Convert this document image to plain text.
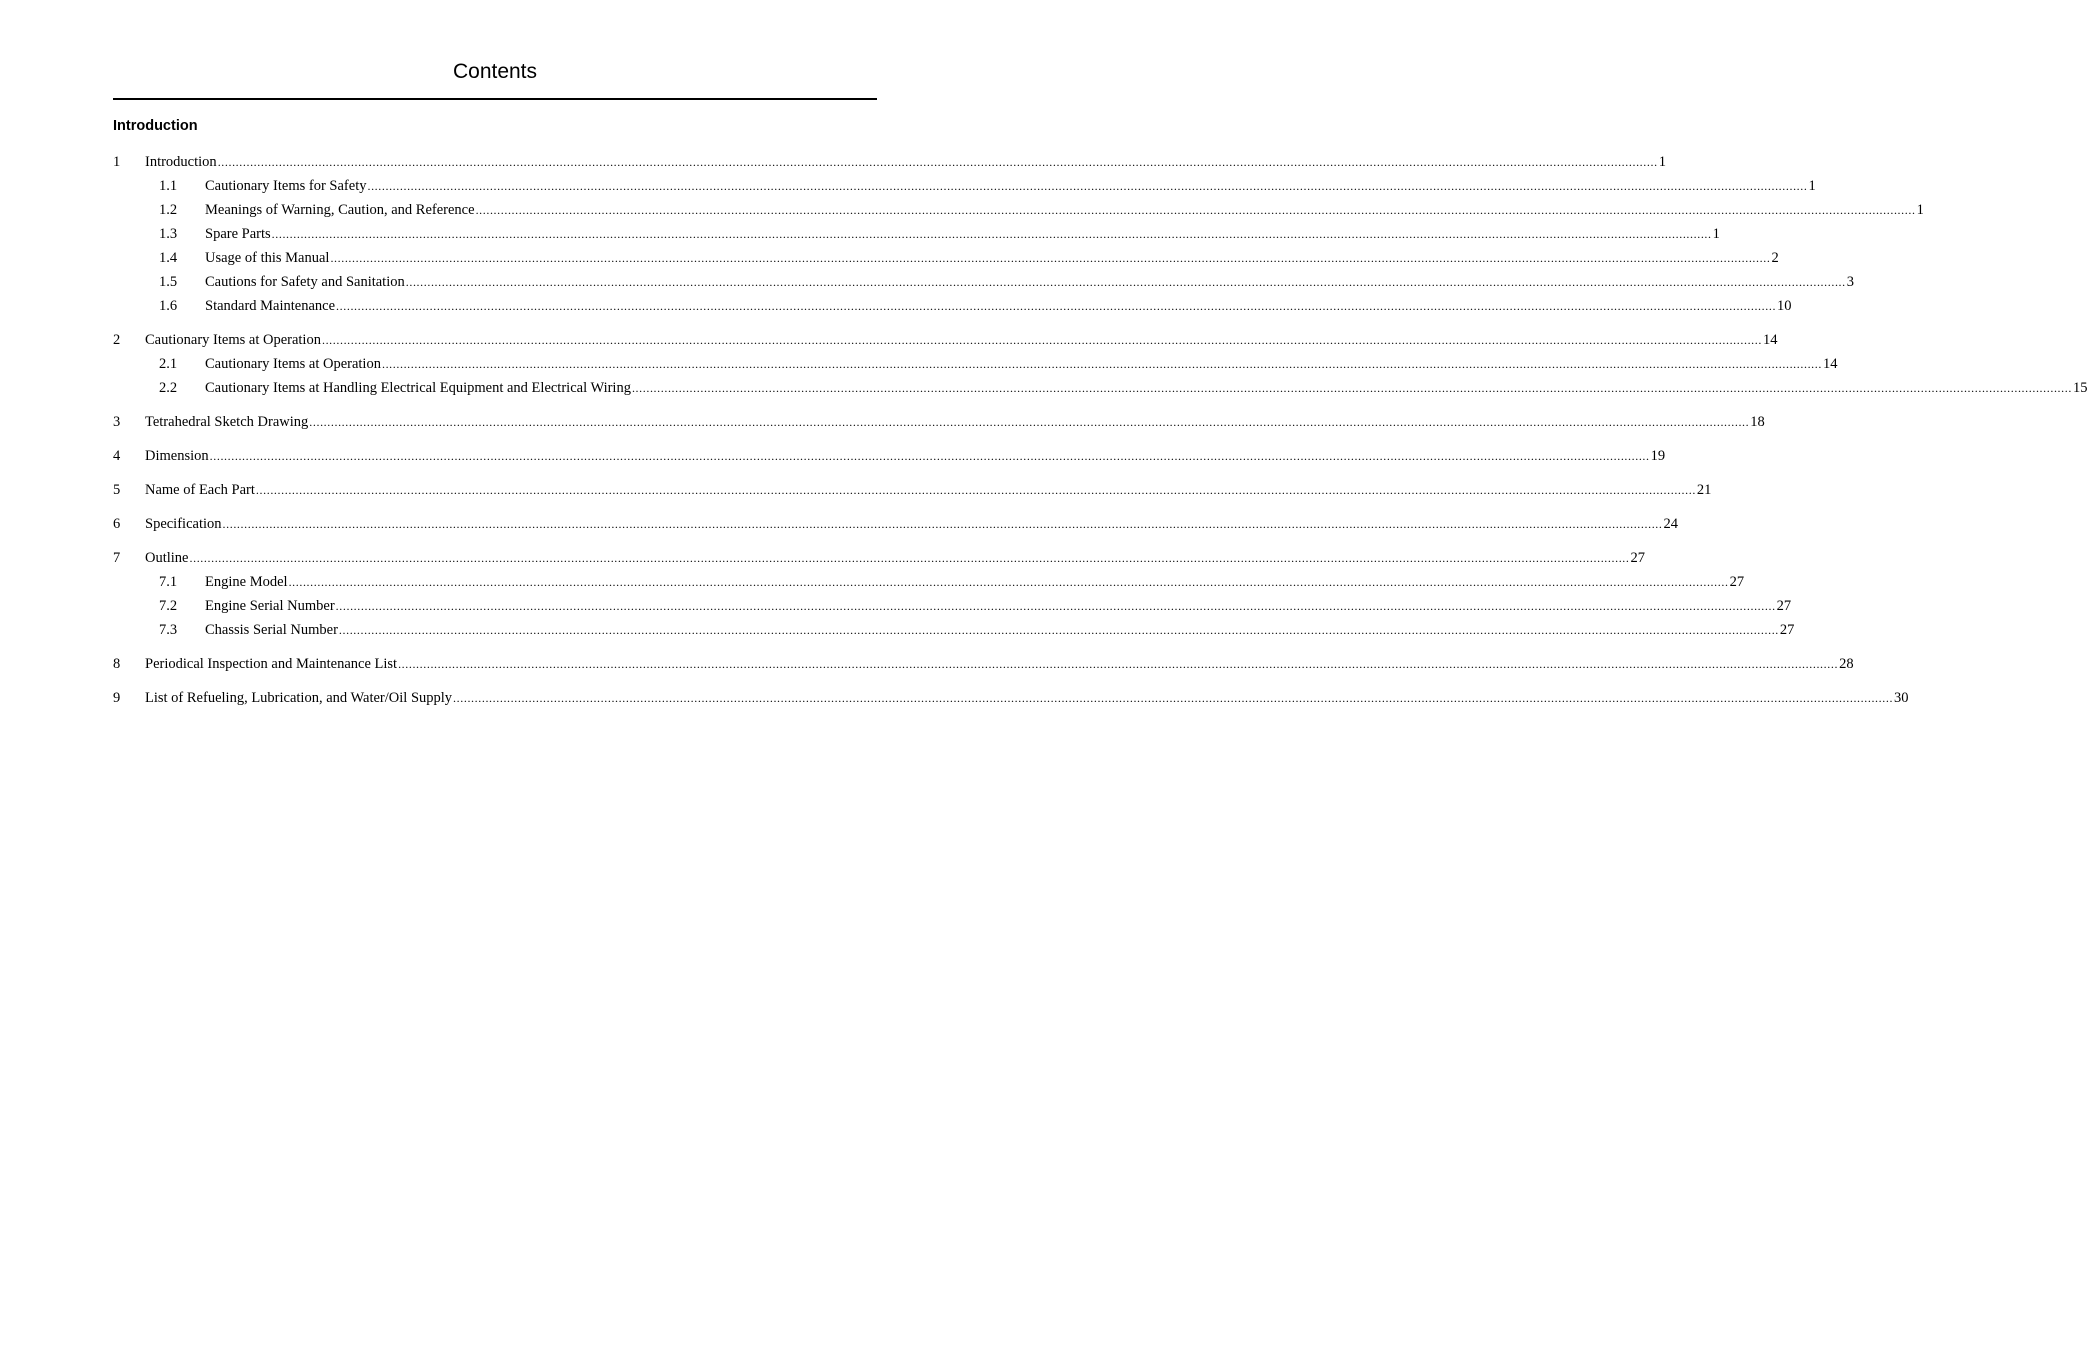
Contents
Introduction
1	Introduction ................................................................................................................................................................................................................................................................................................................................................................................................................ 1
1.1	Cautionary Items for Safety ................................................................................................................................................................................................................................................................................................................................................................................................................ 1
1.2	Meanings of Warning, Caution, and Reference ................................................................................................................................................................................................................................................................................................................................................................................................................ 1
1.3	Spare Parts ................................................................................................................................................................................................................................................................................................................................................................................................................ 1
1.4	Usage of this Manual ................................................................................................................................................................................................................................................................................................................................................................................................................ 2
1.5	Cautions for Safety and Sanitation ................................................................................................................................................................................................................................................................................................................................................................................................................ 3
1.6	Standard Maintenance ................................................................................................................................................................................................................................................................................................................................................................................................................ 10
2	Cautionary Items at Operation ................................................................................................................................................................................................................................................................................................................................................................................................................ 14
2.1	Cautionary Items at Operation ................................................................................................................................................................................................................................................................................................................................................................................................................ 14
2.2	Cautionary Items at Handling Electrical Equipment and Electrical Wiring ................................................................................................................................................................................................................................................................................................................................................................................................................ 15
3	Tetrahedral Sketch Drawing ................................................................................................................................................................................................................................................................................................................................................................................................................ 18
4	Dimension ................................................................................................................................................................................................................................................................................................................................................................................................................ 19
5	Name of Each Part ................................................................................................................................................................................................................................................................................................................................................................................................................ 21
6	Specification ................................................................................................................................................................................................................................................................................................................................................................................................................ 24
7	Outline ................................................................................................................................................................................................................................................................................................................................................................................................................ 27
7.1	Engine Model ................................................................................................................................................................................................................................................................................................................................................................................................................ 27
7.2	Engine Serial Number ................................................................................................................................................................................................................................................................................................................................................................................................................ 27
7.3	Chassis Serial Number ................................................................................................................................................................................................................................................................................................................................................................................................................ 27
8	Periodical Inspection and Maintenance List ................................................................................................................................................................................................................................................................................................................................................................................................................ 28
9	List of Refueling, Lubrication, and Water/Oil Supply ................................................................................................................................................................................................................................................................................................................................................................................................................ 30
